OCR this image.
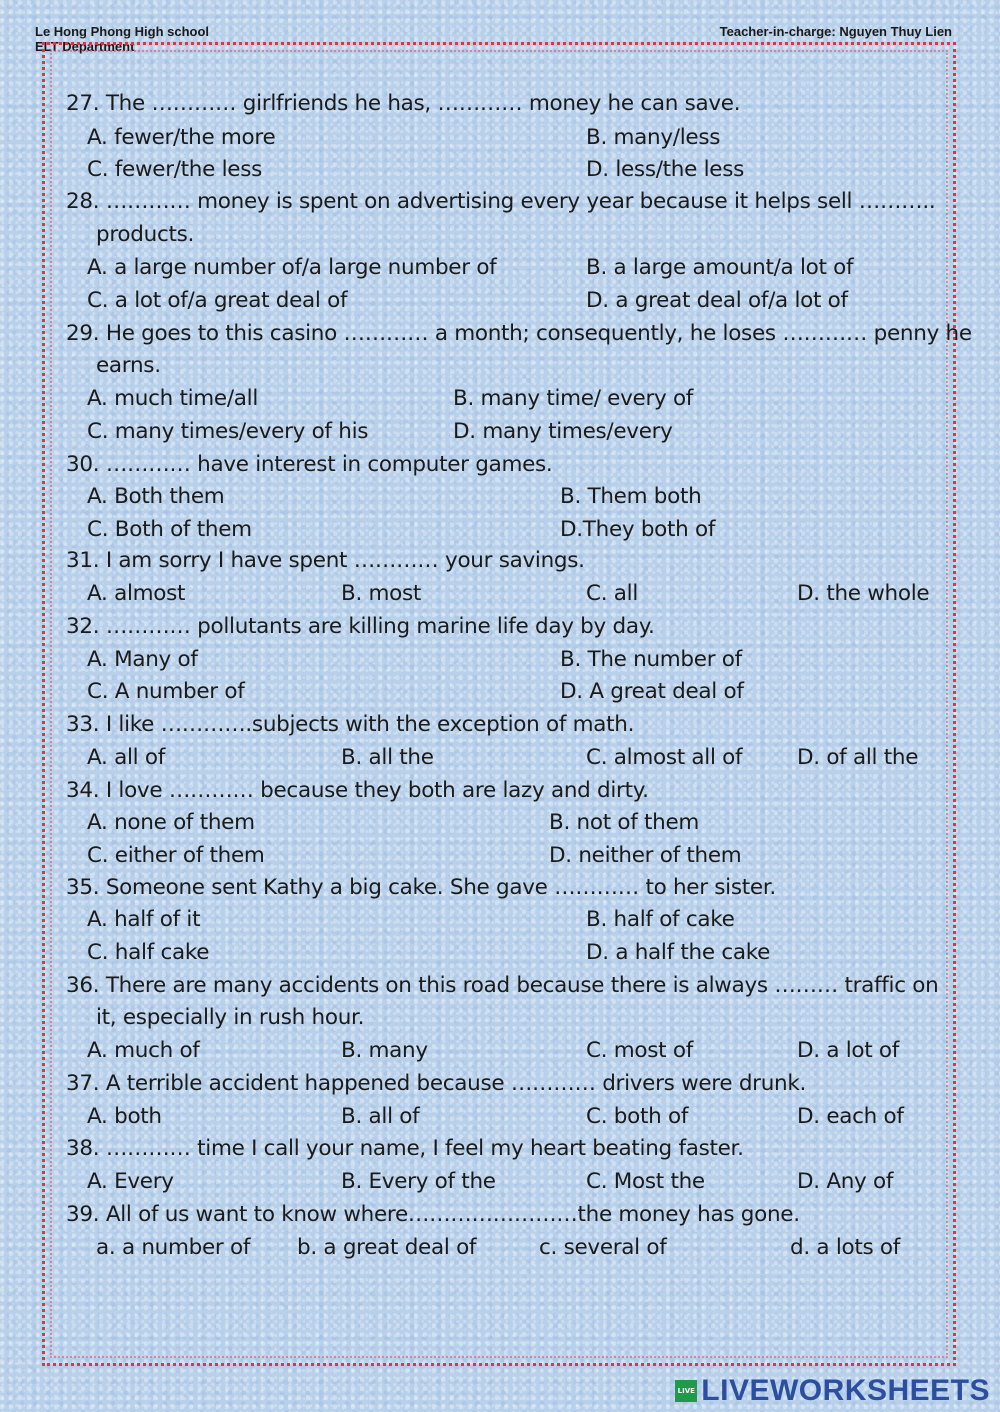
Le Hong Phong High school
ELT Department
Teacher-in-charge: Nguyen Thuy Lien
27. The ………… girlfriends he has, ………… money he can save.
A. fewer/the more	B. many/less
C. fewer/the less	D. less/the less
28. ………… money is spent on advertising every year because it helps sell ………..
products.
A. a large number of/a large number of	B. a large amount/a lot of
C. a lot of/a great deal of	D. a great deal of/a lot of
29. He goes to this casino ………… a month; consequently, he loses ………… penny he
earns.
A. much time/all	B. many time/ every of
C. many times/every of his	D. many times/every
30. ………… have interest in computer games.
A. Both them	B. Them both
C. Both of them	D.They both of
31. I am sorry I have spent ………… your savings.
A. almost	B. most	C. all	D. the whole
32. ………… pollutants are killing marine life day by day.
A. Many of	B. The number of
C. A number of	D. A great deal of
33. I like ………….subjects with the exception of math.
A. all of	B. all the	C. almost all of	D. of all the
34. I love ………… because they both are lazy and dirty.
A. none of them	B. not of them
C. either of them	D. neither of them
35. Someone sent Kathy a big cake. She gave ………… to her sister.
A. half of it	B. half of cake
C. half cake	D. a half the cake
36. There are many accidents on this road because there is always ……… traffic on
it, especially in rush hour.
A. much of	B. many	C. most of	D. a lot of
37. A terrible accident happened because ………… drivers were drunk.
A. both	B. all of	C. both of	D. each of
38. ………… time I call your name, I feel my heart beating faster.
A. Every	B. Every of the	C. Most the	D. Any of
39. All of us want to know where……………………the money has gone.
a. a number of b. a great deal of	c. several of	d. a lots of
LIVE LIVEWORKSHEETS
